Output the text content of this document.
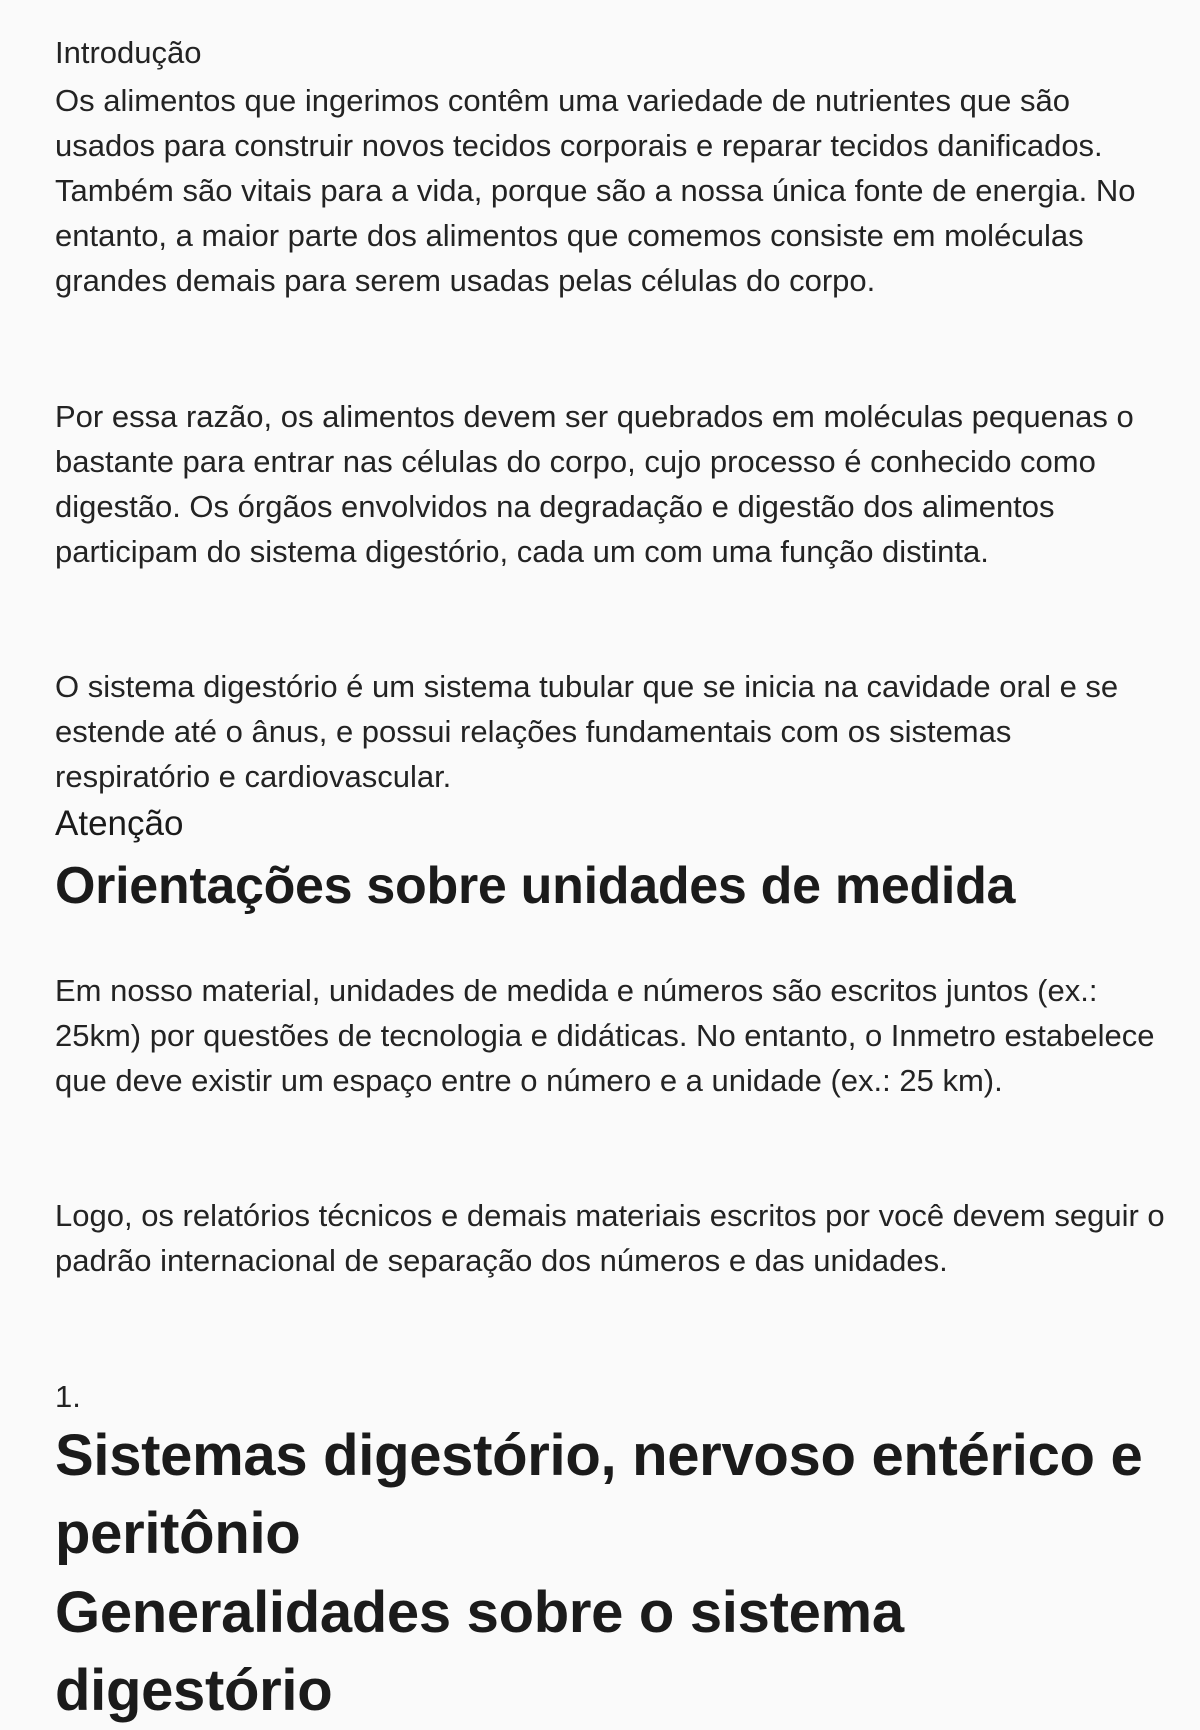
Introdução

Os alimentos que ingerimos contêm uma variedade de nutrientes que são usados para construir novos tecidos corporais e reparar tecidos danificados. Também são vitais para a vida, porque são a nossa única fonte de energia. No entanto, a maior parte dos alimentos que comemos consiste em moléculas grandes demais para serem usadas pelas células do corpo.

Por essa razão, os alimentos devem ser quebrados em moléculas pequenas o bastante para entrar nas células do corpo, cujo processo é conhecido como digestão. Os órgãos envolvidos na degradação e digestão dos alimentos participam do sistema digestório, cada um com uma função distinta.

O sistema digestório é um sistema tubular que se inicia na cavidade oral e se estende até o ânus, e possui relações fundamentais com os sistemas respiratório e cardiovascular.

Atenção
Orientações sobre unidades de medida

Em nosso material, unidades de medida e números são escritos juntos (ex.: 25km) por questões de tecnologia e didáticas. No entanto, o Inmetro estabelece que deve existir um espaço entre o número e a unidade (ex.: 25 km).

Logo, os relatórios técnicos e demais materiais escritos por você devem seguir o padrão internacional de separação dos números e das unidades.

1.
Sistemas digestório, nervoso entérico e peritônio
Generalidades sobre o sistema digestório
